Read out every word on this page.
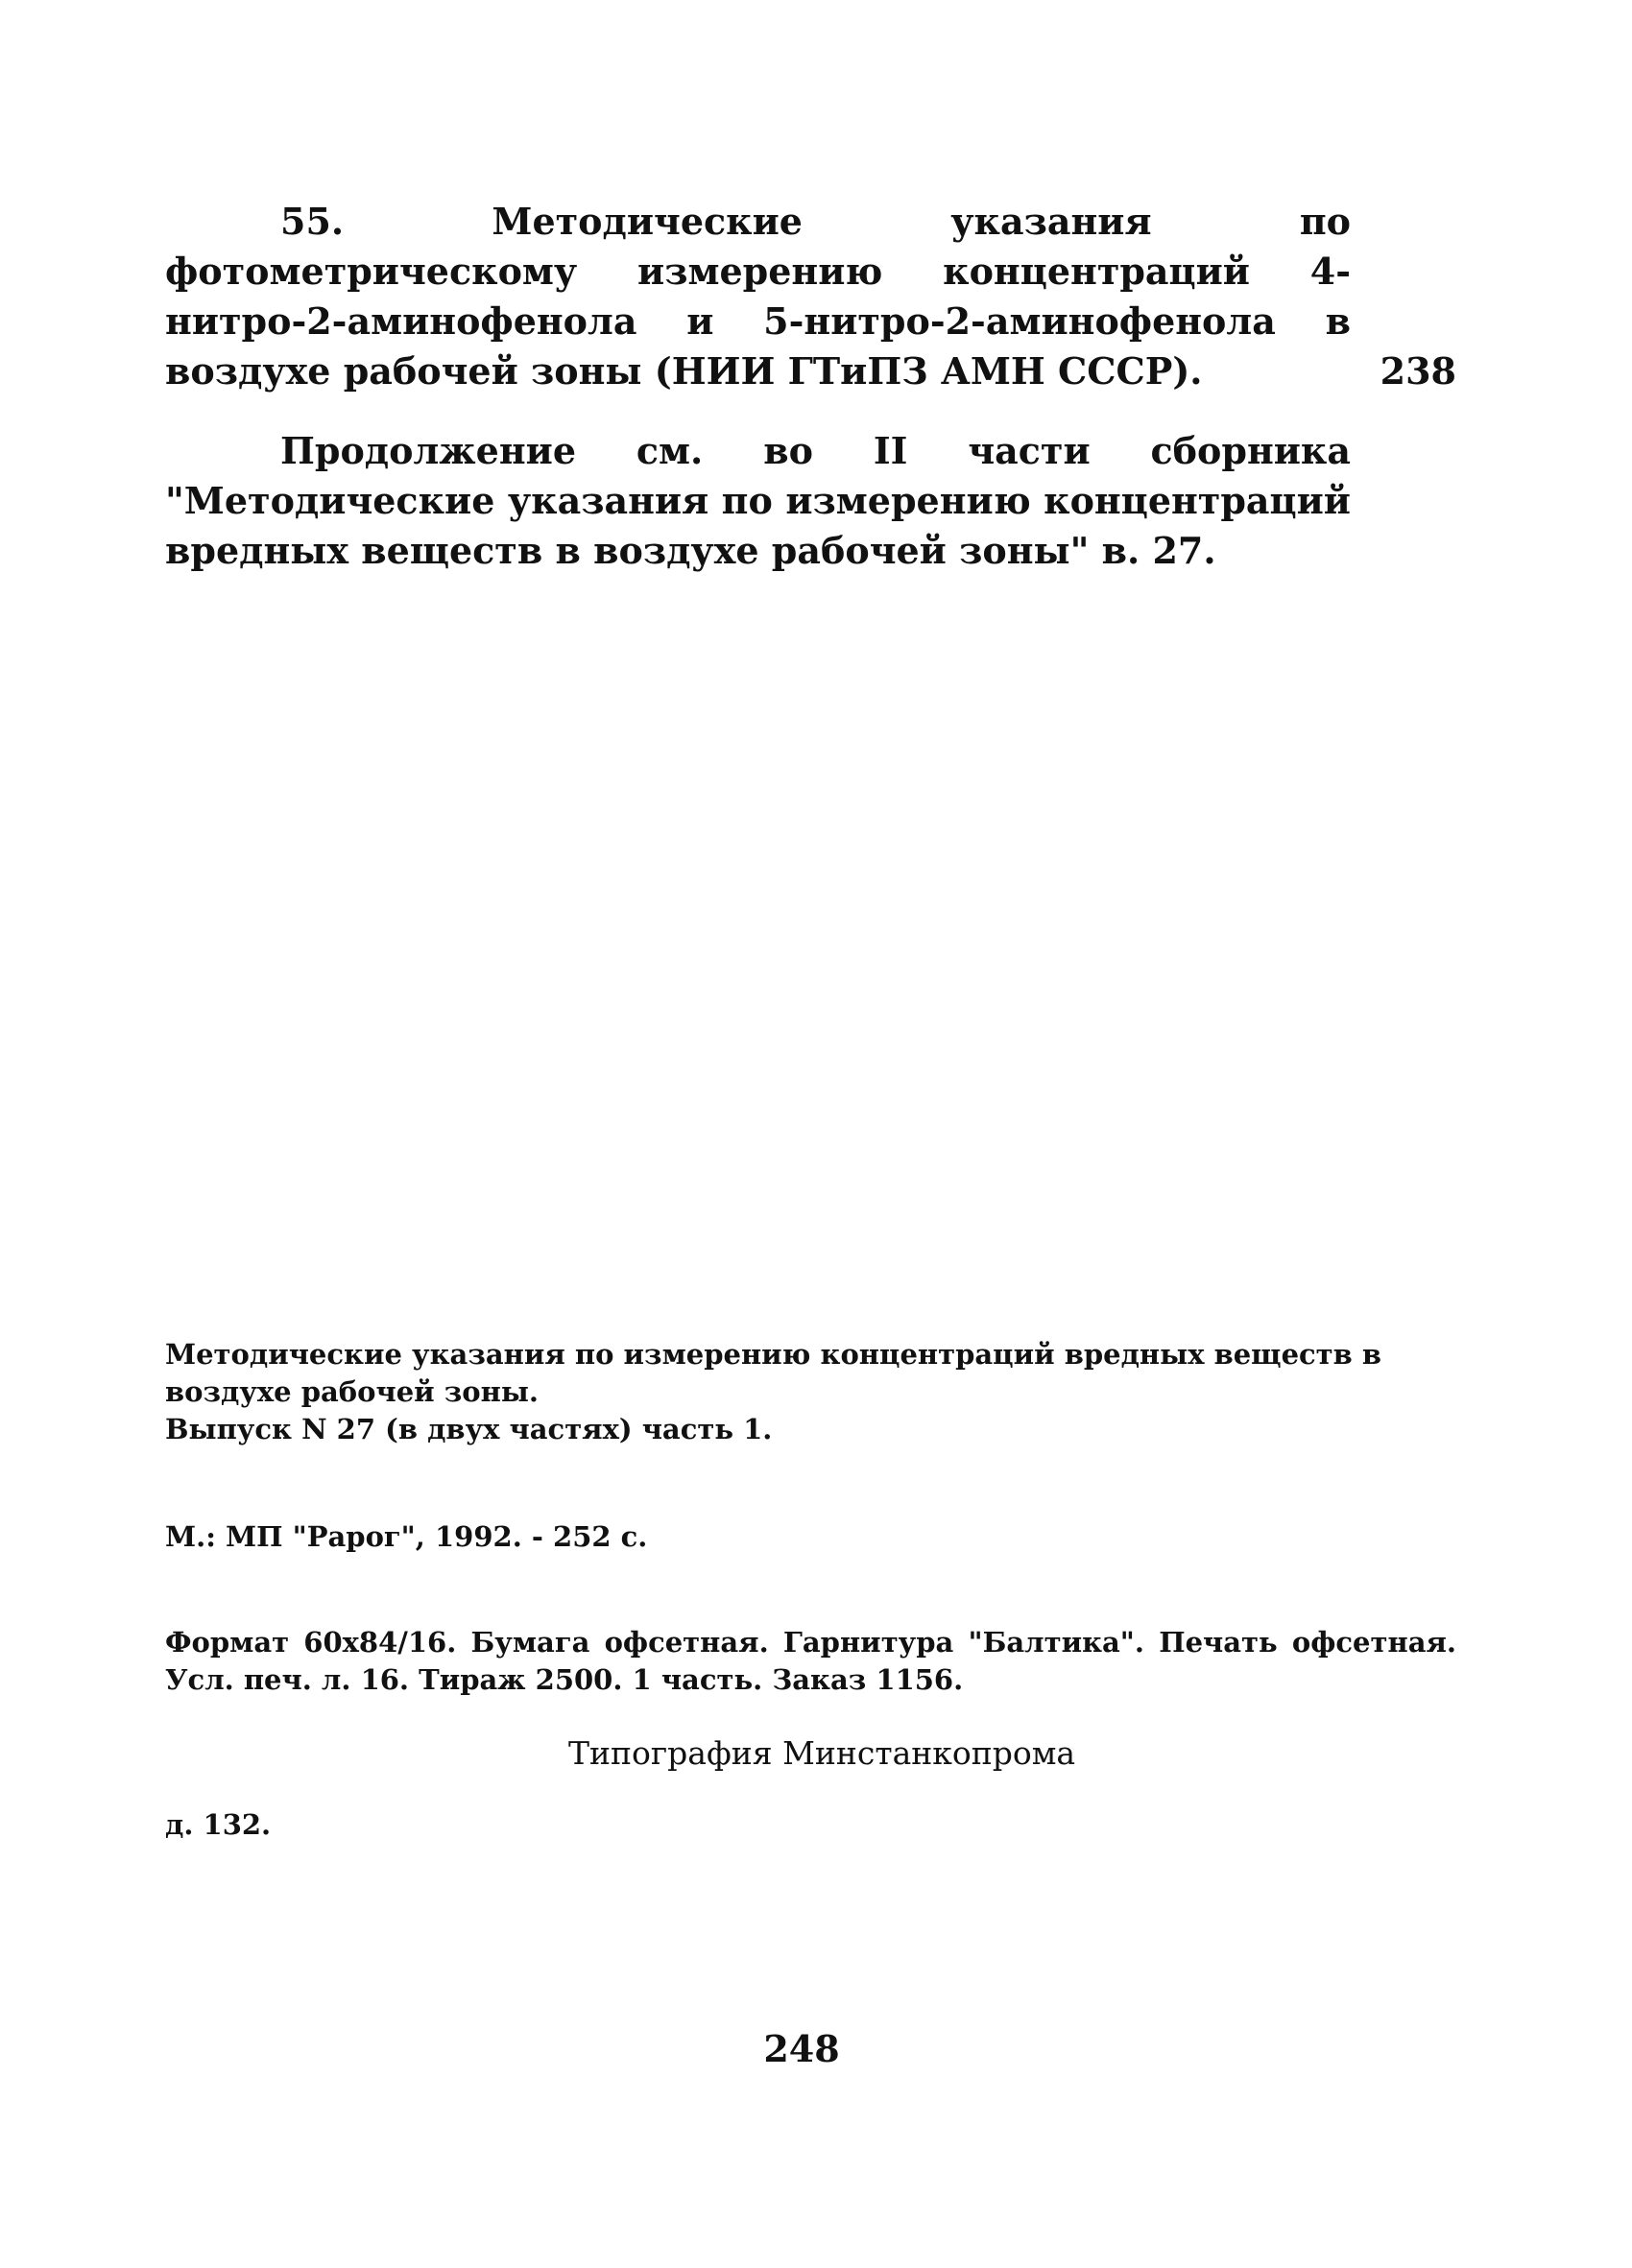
55. Методические указания по фотометрическому измерению концентраций 4-нитро-2-аминофенола и 5-нитро-2-аминофенола в воздухе рабочей зоны (НИИ ГТиПЗ АМН СССР).	238
Продолжение см. во II части сборника "Методические указания по измерению концентраций вредных веществ в воздухе рабочей зоны" в. 27.
Методические указания по измерению концентраций вредных веществ в воздухе рабочей зоны.
Выпуск N 27 (в двух частях) часть 1.
М.: МП "Рарог", 1992. - 252 с.
Формат 60x84/16. Бумага офсетная. Гарнитура "Балтика". Печать офсетная. Усл. печ. л. 16. Тираж 2500. 1 часть. Заказ 1156.
Типография Минстанкопрома
д. 132.
248
